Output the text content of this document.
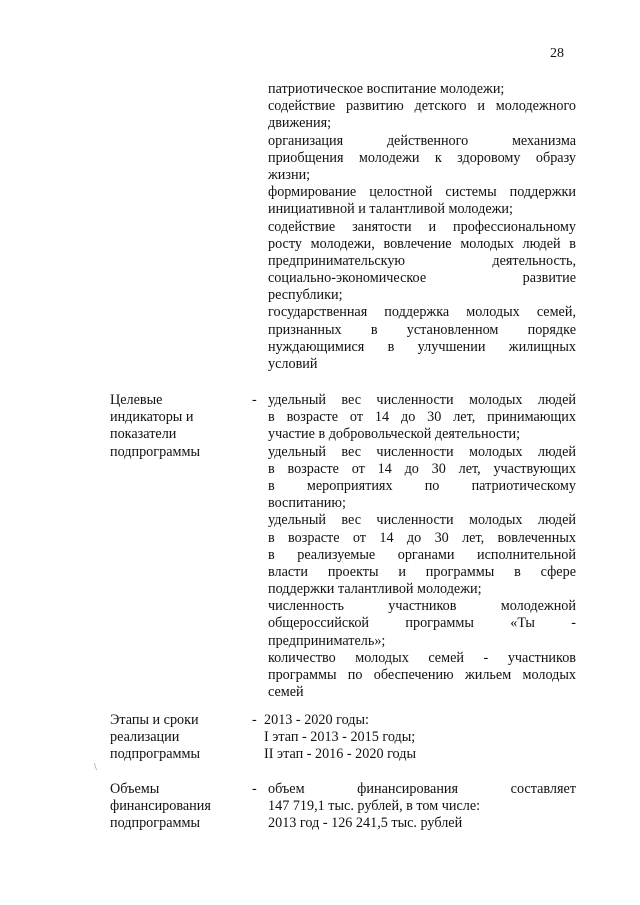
28
патриотическое воспитание молодежи;
содействие развитию детского и молодежного
движения;
организация действенного механизма
приобщения молодежи к здоровому образу
жизни;
формирование целостной системы поддержки
инициативной и талантливой молодежи;
содействие занятости и профессиональному
росту молодежи, вовлечение молодых людей в
предпринимательскую деятельность,
социально-экономическое развитие
республики;
государственная поддержка молодых семей,
признанных в установленном порядке
нуждающимися в улучшении жилищных
условий
Целевые
индикаторы и
показатели
подпрограммы
- удельный вес численности молодых людей
в возрасте от 14 до 30 лет, принимающих
участие в добровольческой деятельности;
удельный вес численности молодых людей
в возрасте от 14 до 30 лет, участвующих
в мероприятиях по патриотическому
воспитанию;
удельный вес численности молодых людей
в возрасте от 14 до 30 лет, вовлеченных
в реализуемые органами исполнительной
власти проекты и программы в сфере
поддержки талантливой молодежи;
численность участников молодежной
общероссийской программы «Ты -
предприниматель»;
количество молодых семей - участников
программы по обеспечению жильем молодых
семей
Этапы и сроки
реализации
подпрограммы
- 2013 - 2020 годы:
I этап - 2013 - 2015 годы;
II этап - 2016 - 2020 годы
Объемы
финансирования
подпрограммы
- объем финансирования составляет
147 719,1 тыс. рублей, в том числе:
2013 год - 126 241,5 тыс. рублей
\
